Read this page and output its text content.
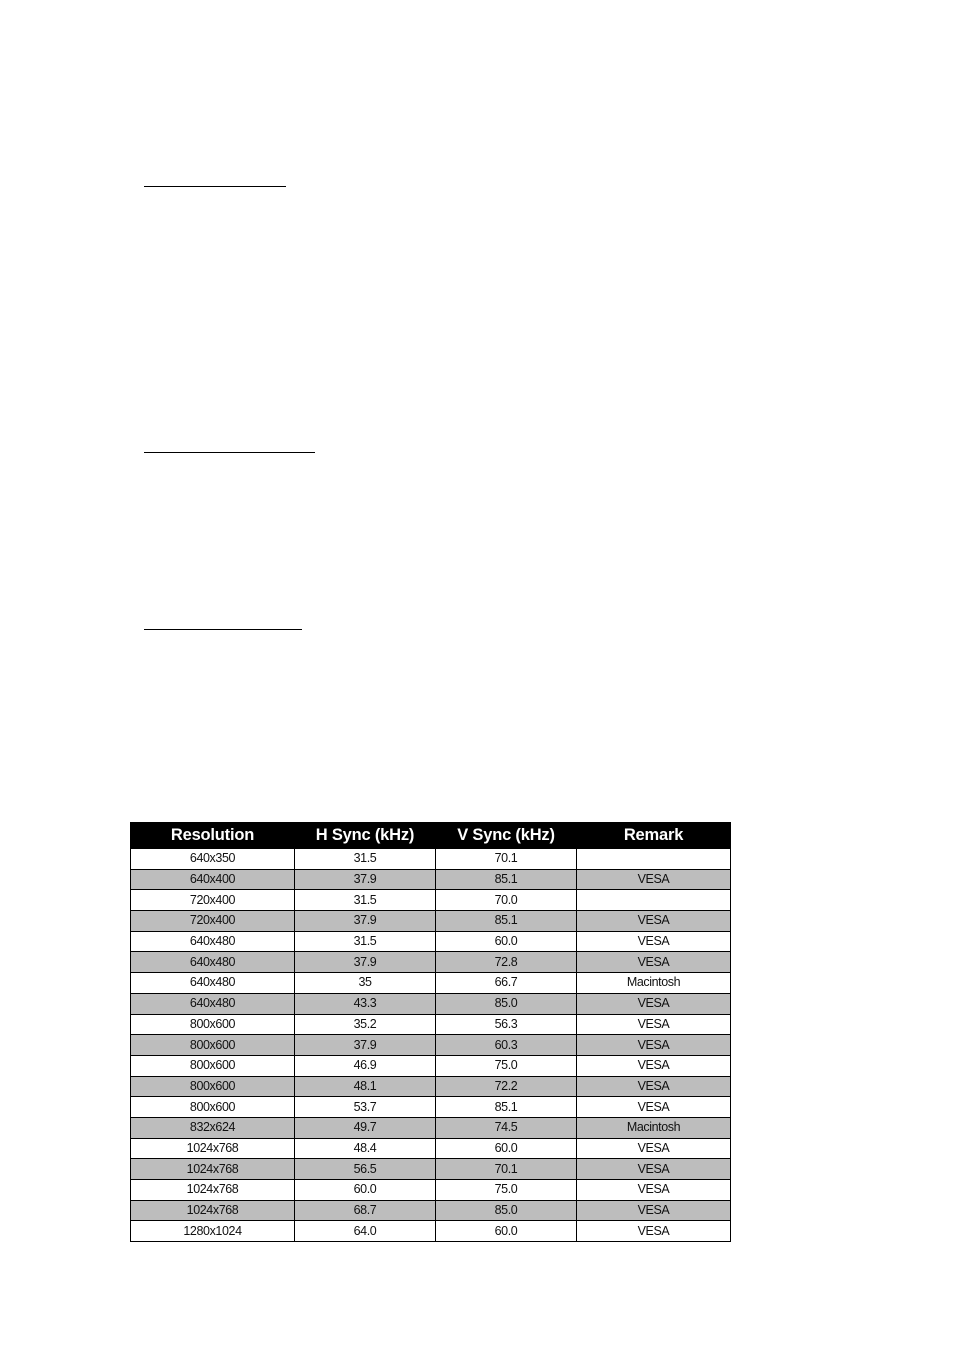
Resolution	H Sync (kHz)	V Sync (kHz)	Remark
640x350	31.5	70.1	
640x400	37.9	85.1	VESA
720x400	31.5	70.0	
720x400	37.9	85.1	VESA
640x480	31.5	60.0	VESA
640x480	37.9	72.8	VESA
640x480	35	66.7	Macintosh
640x480	43.3	85.0	VESA
800x600	35.2	56.3	VESA
800x600	37.9	60.3	VESA
800x600	46.9	75.0	VESA
800x600	48.1	72.2	VESA
800x600	53.7	85.1	VESA
832x624	49.7	74.5	Macintosh
1024x768	48.4	60.0	VESA
1024x768	56.5	70.1	VESA
1024x768	60.0	75.0	VESA
1024x768	68.7	85.0	VESA
1280x1024	64.0	60.0	VESA
